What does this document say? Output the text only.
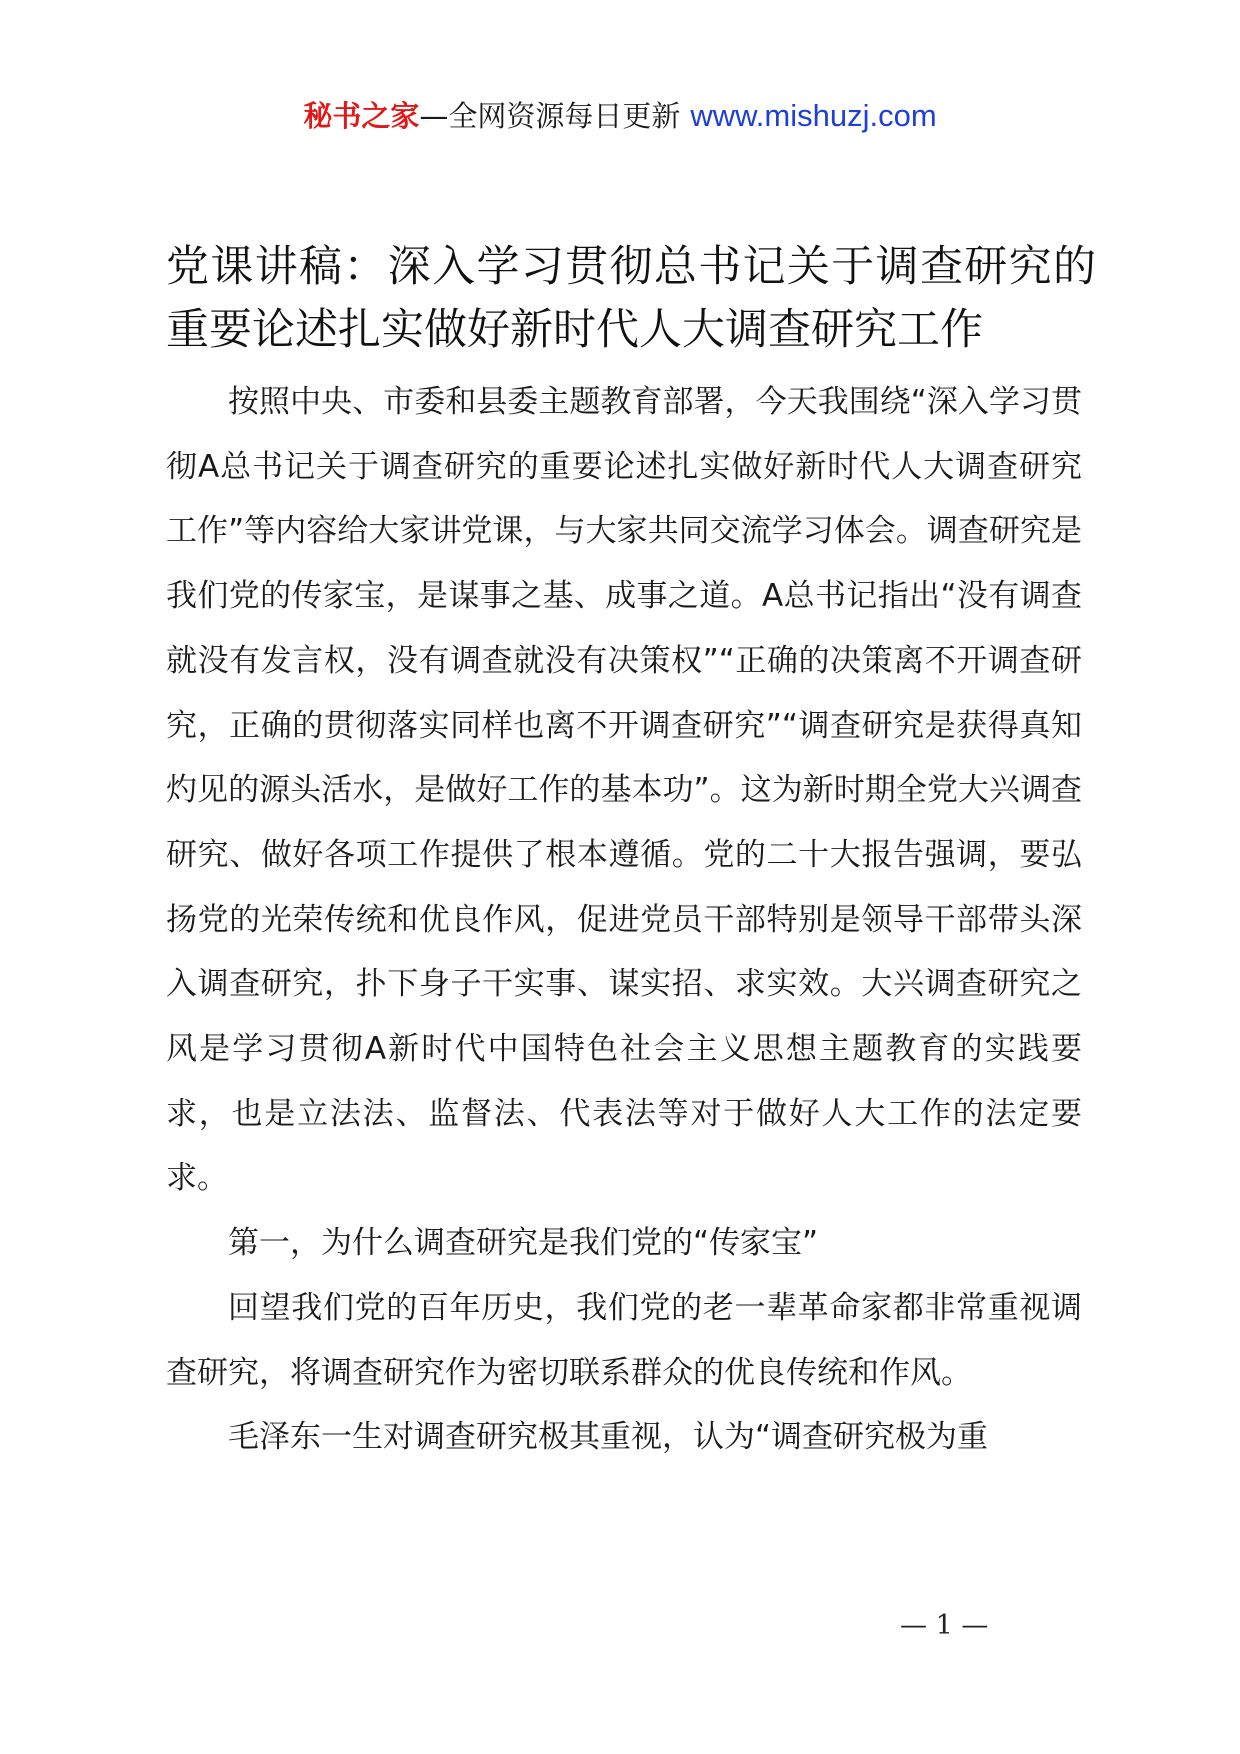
秘书之家—全网资源每日更新 www.mishuzj.com
党课讲稿：深入学习贯彻总书记关于调查研究的重要论述扎实做好新时代人大调查研究工作

按照中央、市委和县委主题教育部署，今天我围绕“深入学习贯彻A总书记关于调查研究的重要论述扎实做好新时代人大调查研究工作”等内容给大家讲党课，与大家共同交流学习体会。调查研究是我们党的传家宝，是谋事之基、成事之道。A总书记指出“没有调查就没有发言权，没有调查就没有决策权”“正确的决策离不开调查研究，正确的贯彻落实同样也离不开调查研究”“调查研究是获得真知灼见的源头活水，是做好工作的基本功”。这为新时期全党大兴调查研究、做好各项工作提供了根本遵循。党的二十大报告强调，要弘扬党的光荣传统和优良作风，促进党员干部特别是领导干部带头深入调查研究，扑下身子干实事、谋实招、求实效。大兴调查研究之风是学习贯彻A新时代中国特色社会主义思想主题教育的实践要求，也是立法法、监督法、代表法等对于做好人大工作的法定要求。

第一，为什么调查研究是我们党的“传家宝”

回望我们党的百年历史，我们党的老一辈革命家都非常重视调查研究，将调查研究作为密切联系群众的优良传统和作风。

毛泽东一生对调查研究极其重视，认为“调查研究极为重

— 1 —
